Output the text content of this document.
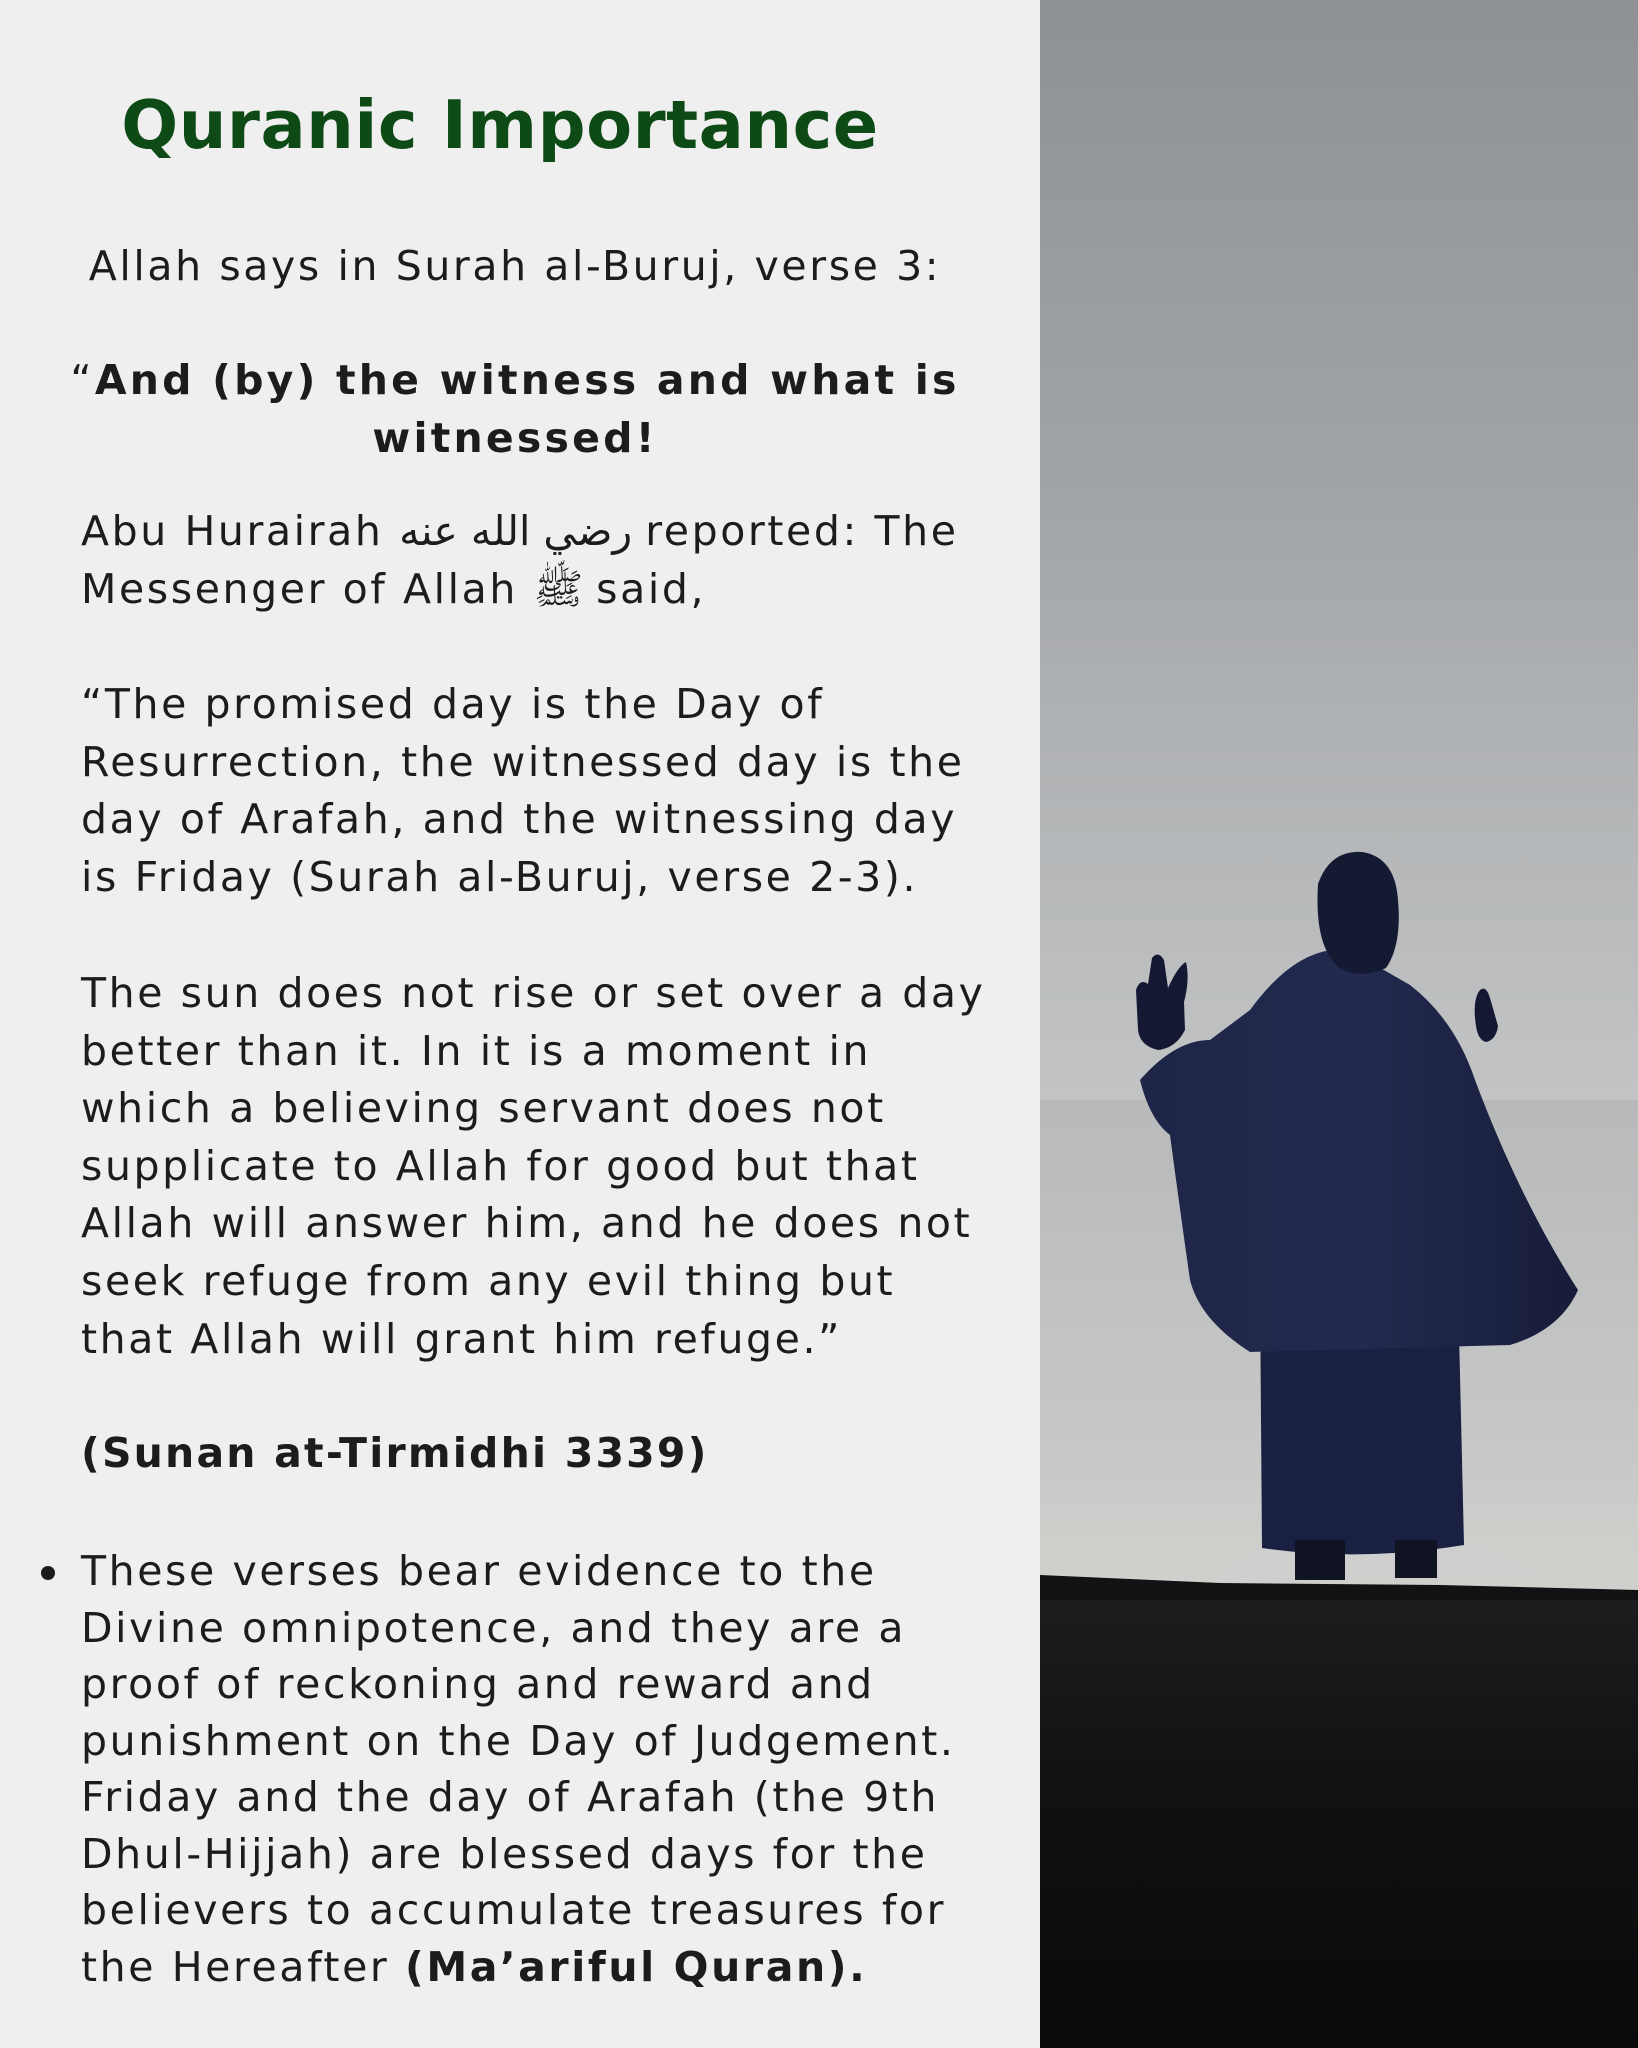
Quranic Importance

Allah says in Surah al-Buruj, verse 3:

“And (by) the witness and what is
witnessed!

Abu Hurairah رضي الله عنه reported: The
Messenger of Allah ﷺ said,

“The promised day is the Day of
Resurrection, the witnessed day is the
day of Arafah, and the witnessing day
is Friday (Surah al-Buruj, verse 2-3).

The sun does not rise or set over a day
better than it. In it is a moment in
which a believing servant does not
supplicate to Allah for good but that
Allah will answer him, and he does not
seek refuge from any evil thing but
that Allah will grant him refuge.”

(Sunan at-Tirmidhi 3339)

These verses bear evidence to the
Divine omnipotence, and they are a
proof of reckoning and reward and
punishment on the Day of Judgement.
Friday and the day of Arafah (the 9th
Dhul-Hijjah) are blessed days for the
believers to accumulate treasures for
the Hereafter (Ma’ariful Quran).
